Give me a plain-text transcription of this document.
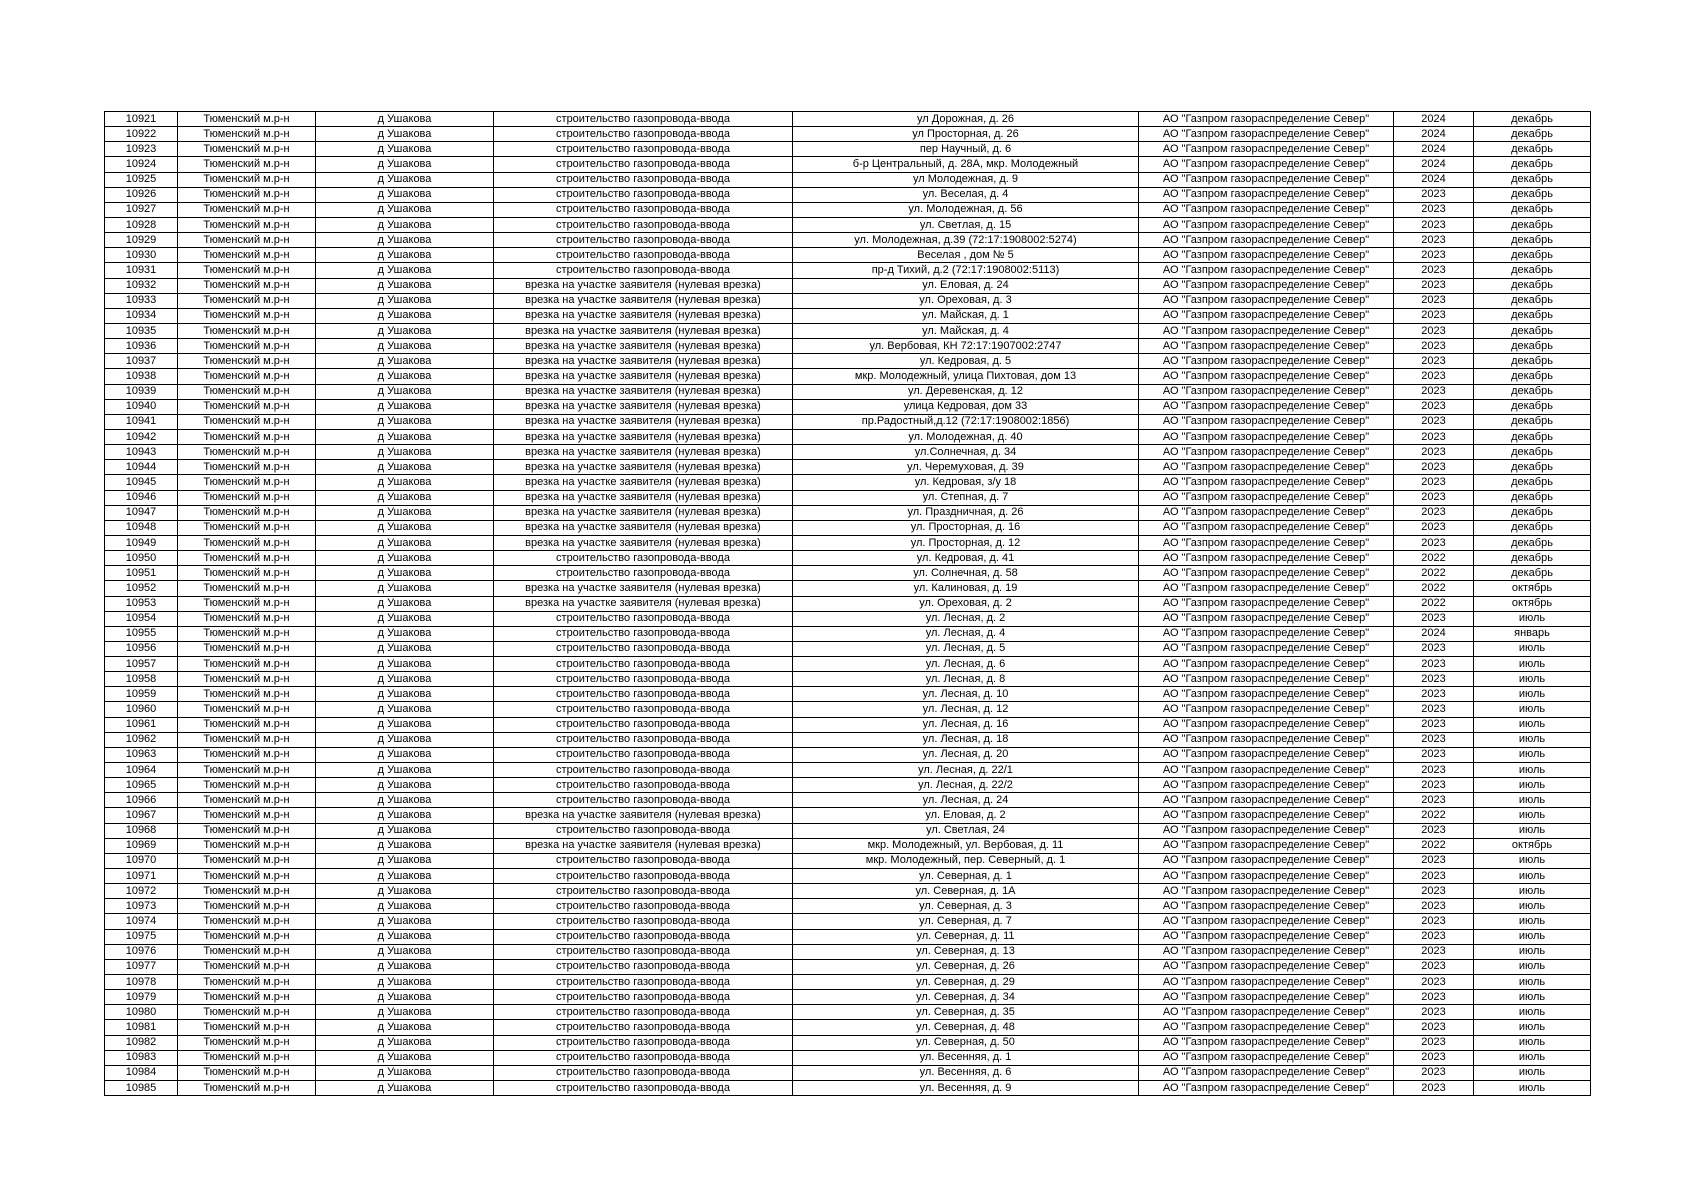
10921	Тюменский м.р-н	д Ушакова	строительство газопровода-ввода	ул Дорожная, д. 26	АО "Газпром газораспределение Север"	2024	декабрь
10922	Тюменский м.р-н	д Ушакова	строительство газопровода-ввода	ул Просторная, д. 26	АО "Газпром газораспределение Север"	2024	декабрь
10923	Тюменский м.р-н	д Ушакова	строительство газопровода-ввода	пер Научный, д. 6	АО "Газпром газораспределение Север"	2024	декабрь
10924	Тюменский м.р-н	д Ушакова	строительство газопровода-ввода	б-р Центральный, д. 28А, мкр. Молодежный	АО "Газпром газораспределение Север"	2024	декабрь
10925	Тюменский м.р-н	д Ушакова	строительство газопровода-ввода	ул Молодежная, д. 9	АО "Газпром газораспределение Север"	2024	декабрь
10926	Тюменский м.р-н	д Ушакова	строительство газопровода-ввода	ул. Веселая, д. 4	АО "Газпром газораспределение Север"	2023	декабрь
10927	Тюменский м.р-н	д Ушакова	строительство газопровода-ввода	ул. Молодежная, д. 56	АО "Газпром газораспределение Север"	2023	декабрь
10928	Тюменский м.р-н	д Ушакова	строительство газопровода-ввода	ул. Светлая, д. 15	АО "Газпром газораспределение Север"	2023	декабрь
10929	Тюменский м.р-н	д Ушакова	строительство газопровода-ввода	ул. Молодежная, д.39 (72:17:1908002:5274)	АО "Газпром газораспределение Север"	2023	декабрь
10930	Тюменский м.р-н	д Ушакова	строительство газопровода-ввода	Веселая , дом № 5	АО "Газпром газораспределение Север"	2023	декабрь
10931	Тюменский м.р-н	д Ушакова	строительство газопровода-ввода	пр-д Тихий, д.2 (72:17:1908002:5113)	АО "Газпром газораспределение Север"	2023	декабрь
10932	Тюменский м.р-н	д Ушакова	врезка на участке заявителя (нулевая врезка)	ул. Еловая, д. 24	АО "Газпром газораспределение Север"	2023	декабрь
10933	Тюменский м.р-н	д Ушакова	врезка на участке заявителя (нулевая врезка)	ул. Ореховая, д. 3	АО "Газпром газораспределение Север"	2023	декабрь
10934	Тюменский м.р-н	д Ушакова	врезка на участке заявителя (нулевая врезка)	ул. Майская, д. 1	АО "Газпром газораспределение Север"	2023	декабрь
10935	Тюменский м.р-н	д Ушакова	врезка на участке заявителя (нулевая врезка)	ул. Майская, д. 4	АО "Газпром газораспределение Север"	2023	декабрь
10936	Тюменский м.р-н	д Ушакова	врезка на участке заявителя (нулевая врезка)	ул. Вербовая, КН 72:17:1907002:2747	АО "Газпром газораспределение Север"	2023	декабрь
10937	Тюменский м.р-н	д Ушакова	врезка на участке заявителя (нулевая врезка)	ул. Кедровая, д. 5	АО "Газпром газораспределение Север"	2023	декабрь
10938	Тюменский м.р-н	д Ушакова	врезка на участке заявителя (нулевая врезка)	мкр. Молодежный, улица Пихтовая, дом 13	АО "Газпром газораспределение Север"	2023	декабрь
10939	Тюменский м.р-н	д Ушакова	врезка на участке заявителя (нулевая врезка)	ул. Деревенская, д. 12	АО "Газпром газораспределение Север"	2023	декабрь
10940	Тюменский м.р-н	д Ушакова	врезка на участке заявителя (нулевая врезка)	улица Кедровая, дом 33	АО "Газпром газораспределение Север"	2023	декабрь
10941	Тюменский м.р-н	д Ушакова	врезка на участке заявителя (нулевая врезка)	пр.Радостный,д.12 (72:17:1908002:1856)	АО "Газпром газораспределение Север"	2023	декабрь
10942	Тюменский м.р-н	д Ушакова	врезка на участке заявителя (нулевая врезка)	ул. Молодежная, д. 40	АО "Газпром газораспределение Север"	2023	декабрь
10943	Тюменский м.р-н	д Ушакова	врезка на участке заявителя (нулевая врезка)	ул.Солнечная, д. 34	АО "Газпром газораспределение Север"	2023	декабрь
10944	Тюменский м.р-н	д Ушакова	врезка на участке заявителя (нулевая врезка)	ул. Черемуховая, д. 39	АО "Газпром газораспределение Север"	2023	декабрь
10945	Тюменский м.р-н	д Ушакова	врезка на участке заявителя (нулевая врезка)	ул. Кедровая, з/у 18	АО "Газпром газораспределение Север"	2023	декабрь
10946	Тюменский м.р-н	д Ушакова	врезка на участке заявителя (нулевая врезка)	ул. Степная, д. 7	АО "Газпром газораспределение Север"	2023	декабрь
10947	Тюменский м.р-н	д Ушакова	врезка на участке заявителя (нулевая врезка)	ул. Праздничная, д. 26	АО "Газпром газораспределение Север"	2023	декабрь
10948	Тюменский м.р-н	д Ушакова	врезка на участке заявителя (нулевая врезка)	ул. Просторная, д. 16	АО "Газпром газораспределение Север"	2023	декабрь
10949	Тюменский м.р-н	д Ушакова	врезка на участке заявителя (нулевая врезка)	ул. Просторная, д. 12	АО "Газпром газораспределение Север"	2023	декабрь
10950	Тюменский м.р-н	д Ушакова	строительство газопровода-ввода	ул. Кедровая, д. 41	АО "Газпром газораспределение Север"	2022	декабрь
10951	Тюменский м.р-н	д Ушакова	строительство газопровода-ввода	ул. Солнечная, д. 58	АО "Газпром газораспределение Север"	2022	декабрь
10952	Тюменский м.р-н	д Ушакова	врезка на участке заявителя (нулевая врезка)	ул. Калиновая, д. 19	АО "Газпром газораспределение Север"	2022	октябрь
10953	Тюменский м.р-н	д Ушакова	врезка на участке заявителя (нулевая врезка)	ул. Ореховая, д. 2	АО "Газпром газораспределение Север"	2022	октябрь
10954	Тюменский м.р-н	д Ушакова	строительство газопровода-ввода	ул. Лесная, д. 2	АО "Газпром газораспределение Север"	2023	июль
10955	Тюменский м.р-н	д Ушакова	строительство газопровода-ввода	ул. Лесная, д. 4	АО "Газпром газораспределение Север"	2024	январь
10956	Тюменский м.р-н	д Ушакова	строительство газопровода-ввода	ул. Лесная, д. 5	АО "Газпром газораспределение Север"	2023	июль
10957	Тюменский м.р-н	д Ушакова	строительство газопровода-ввода	ул. Лесная, д. 6	АО "Газпром газораспределение Север"	2023	июль
10958	Тюменский м.р-н	д Ушакова	строительство газопровода-ввода	ул. Лесная, д. 8	АО "Газпром газораспределение Север"	2023	июль
10959	Тюменский м.р-н	д Ушакова	строительство газопровода-ввода	ул. Лесная, д. 10	АО "Газпром газораспределение Север"	2023	июль
10960	Тюменский м.р-н	д Ушакова	строительство газопровода-ввода	ул. Лесная, д. 12	АО "Газпром газораспределение Север"	2023	июль
10961	Тюменский м.р-н	д Ушакова	строительство газопровода-ввода	ул. Лесная, д. 16	АО "Газпром газораспределение Север"	2023	июль
10962	Тюменский м.р-н	д Ушакова	строительство газопровода-ввода	ул. Лесная, д. 18	АО "Газпром газораспределение Север"	2023	июль
10963	Тюменский м.р-н	д Ушакова	строительство газопровода-ввода	ул. Лесная, д. 20	АО "Газпром газораспределение Север"	2023	июль
10964	Тюменский м.р-н	д Ушакова	строительство газопровода-ввода	ул. Лесная, д. 22/1	АО "Газпром газораспределение Север"	2023	июль
10965	Тюменский м.р-н	д Ушакова	строительство газопровода-ввода	ул. Лесная, д. 22/2	АО "Газпром газораспределение Север"	2023	июль
10966	Тюменский м.р-н	д Ушакова	строительство газопровода-ввода	ул. Лесная, д. 24	АО "Газпром газораспределение Север"	2023	июль
10967	Тюменский м.р-н	д Ушакова	врезка на участке заявителя (нулевая врезка)	ул. Еловая, д. 2	АО "Газпром газораспределение Север"	2022	июль
10968	Тюменский м.р-н	д Ушакова	строительство газопровода-ввода	ул. Светлая, 24	АО "Газпром газораспределение Север"	2023	июль
10969	Тюменский м.р-н	д Ушакова	врезка на участке заявителя (нулевая врезка)	мкр. Молодежный, ул. Вербовая, д. 11	АО "Газпром газораспределение Север"	2022	октябрь
10970	Тюменский м.р-н	д Ушакова	строительство газопровода-ввода	мкр. Молодежный, пер. Северный, д. 1	АО "Газпром газораспределение Север"	2023	июль
10971	Тюменский м.р-н	д Ушакова	строительство газопровода-ввода	ул. Северная, д. 1	АО "Газпром газораспределение Север"	2023	июль
10972	Тюменский м.р-н	д Ушакова	строительство газопровода-ввода	ул. Северная, д. 1А	АО "Газпром газораспределение Север"	2023	июль
10973	Тюменский м.р-н	д Ушакова	строительство газопровода-ввода	ул. Северная, д. 3	АО "Газпром газораспределение Север"	2023	июль
10974	Тюменский м.р-н	д Ушакова	строительство газопровода-ввода	ул. Северная, д. 7	АО "Газпром газораспределение Север"	2023	июль
10975	Тюменский м.р-н	д Ушакова	строительство газопровода-ввода	ул. Северная, д. 11	АО "Газпром газораспределение Север"	2023	июль
10976	Тюменский м.р-н	д Ушакова	строительство газопровода-ввода	ул. Северная, д. 13	АО "Газпром газораспределение Север"	2023	июль
10977	Тюменский м.р-н	д Ушакова	строительство газопровода-ввода	ул. Северная, д. 26	АО "Газпром газораспределение Север"	2023	июль
10978	Тюменский м.р-н	д Ушакова	строительство газопровода-ввода	ул. Северная, д. 29	АО "Газпром газораспределение Север"	2023	июль
10979	Тюменский м.р-н	д Ушакова	строительство газопровода-ввода	ул. Северная, д. 34	АО "Газпром газораспределение Север"	2023	июль
10980	Тюменский м.р-н	д Ушакова	строительство газопровода-ввода	ул. Северная, д. 35	АО "Газпром газораспределение Север"	2023	июль
10981	Тюменский м.р-н	д Ушакова	строительство газопровода-ввода	ул. Северная, д. 48	АО "Газпром газораспределение Север"	2023	июль
10982	Тюменский м.р-н	д Ушакова	строительство газопровода-ввода	ул. Северная, д. 50	АО "Газпром газораспределение Север"	2023	июль
10983	Тюменский м.р-н	д Ушакова	строительство газопровода-ввода	ул. Весенняя, д. 1	АО "Газпром газораспределение Север"	2023	июль
10984	Тюменский м.р-н	д Ушакова	строительство газопровода-ввода	ул. Весенняя, д. 6	АО "Газпром газораспределение Север"	2023	июль
10985	Тюменский м.р-н	д Ушакова	строительство газопровода-ввода	ул. Весенняя, д. 9	АО "Газпром газораспределение Север"	2023	июль
